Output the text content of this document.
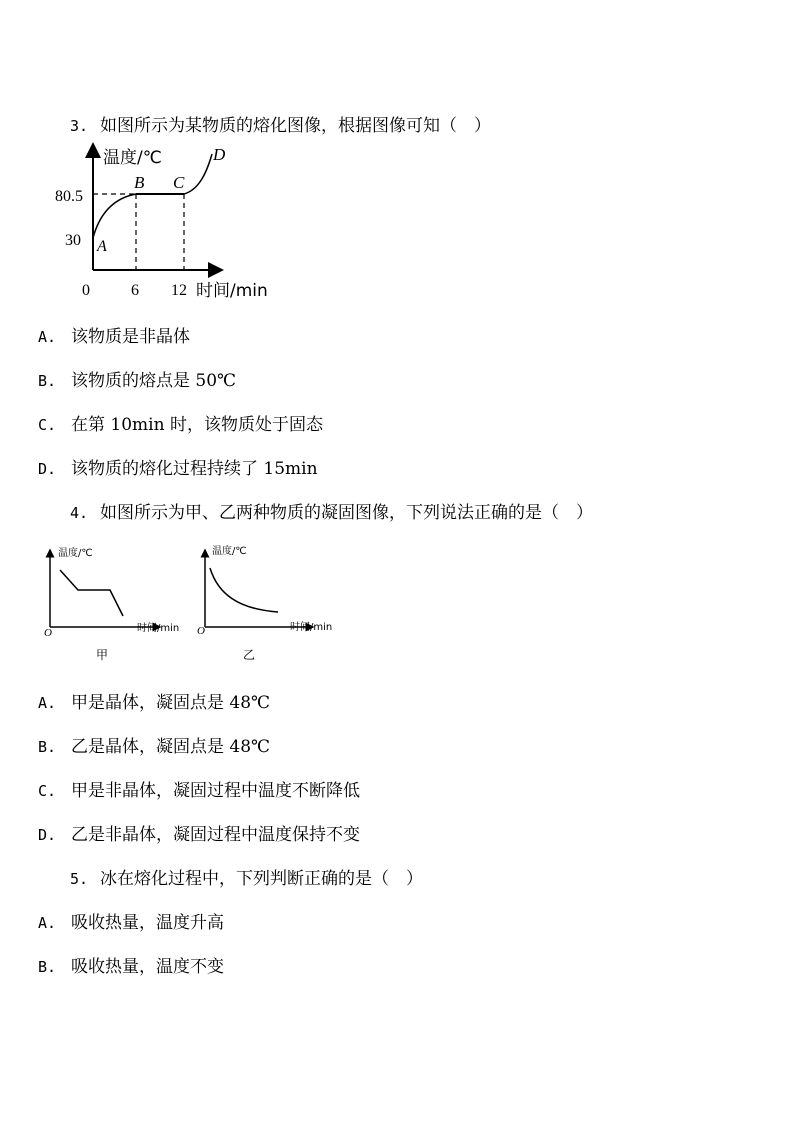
3. 如图所示为某物质的熔化图像，根据图像可知（　）
温度/℃
80.5
30
0	6 12 时间/min
A
B C
D
A. 该物质是非晶体
B. 该物质的熔点是 50℃
C. 在第 10min 时，该物质处于固态
D. 该物质的熔化过程持续了 15min
4. 如图所示为甲、乙两种物质的凝固图像，下列说法正确的是（　）
温度/℃
时间/min
O
甲
温度/℃
时间/min
O
乙
A. 甲是晶体，凝固点是 48℃
B. 乙是晶体，凝固点是 48℃
C. 甲是非晶体，凝固过程中温度不断降低
D. 乙是非晶体，凝固过程中温度保持不变
5. 冰在熔化过程中，下列判断正确的是（　）
A. 吸收热量，温度升高
B. 吸收热量，温度不变
